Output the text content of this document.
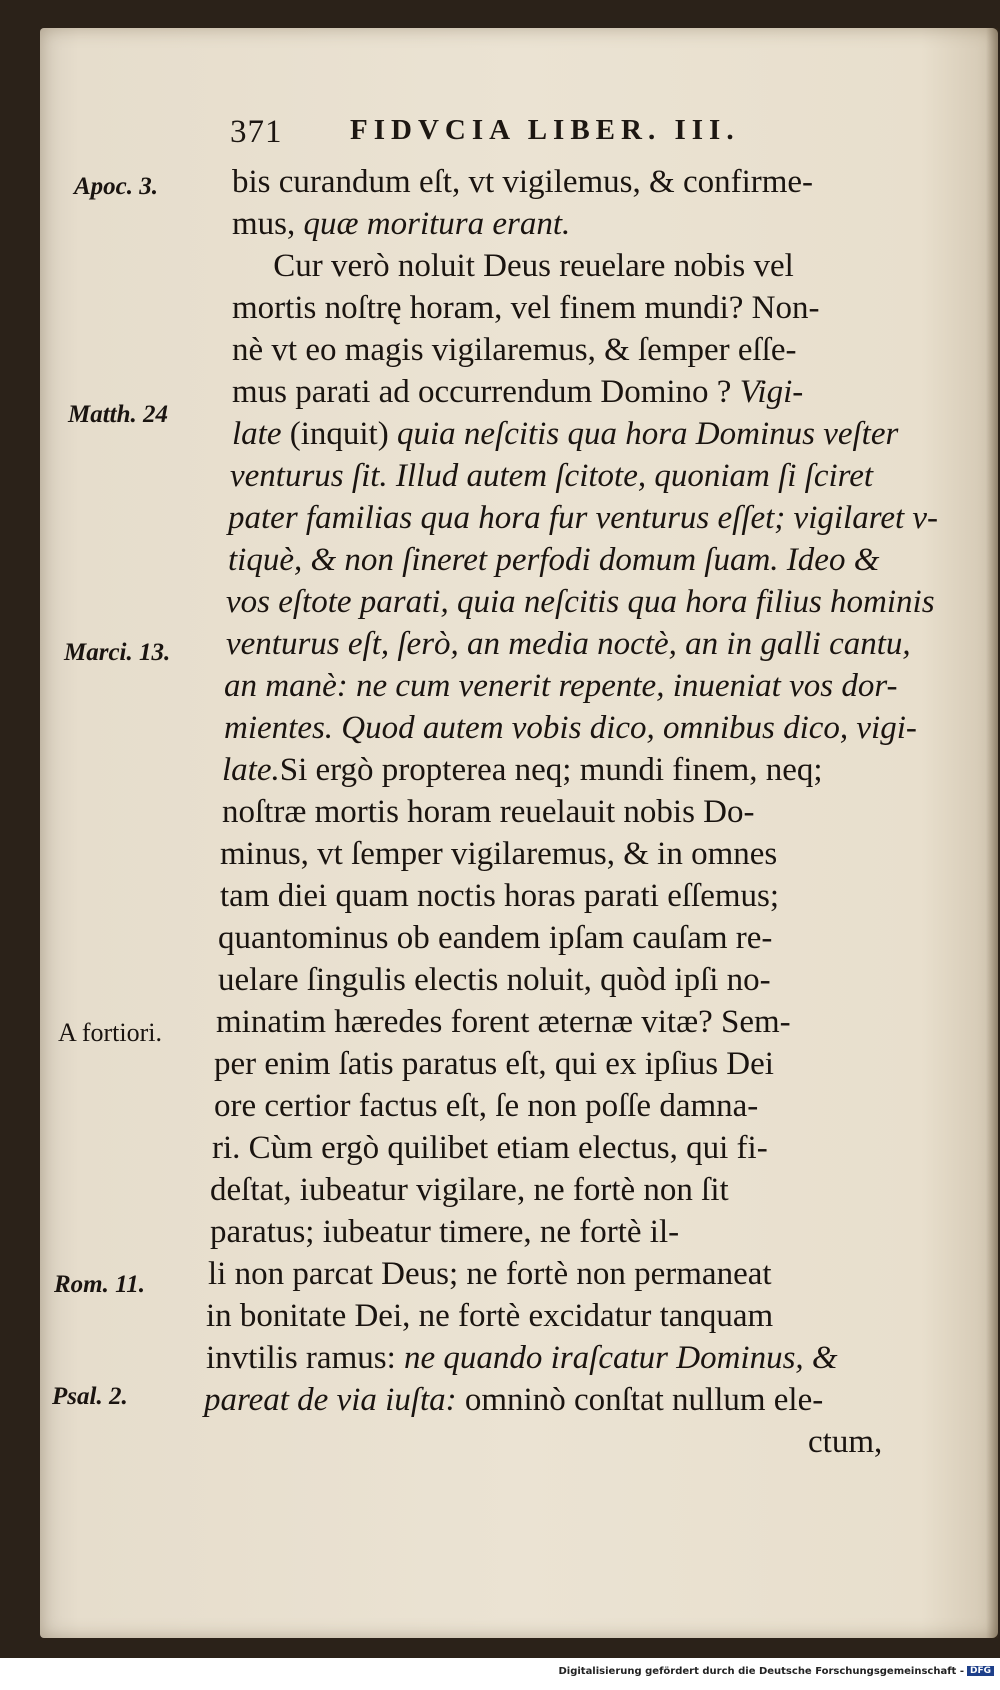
371 FIDVCIA LIBER. III.
Apoc. 3.
Matth. 24
Marci. 13.
A fortiori.
Rom. 11.
Psal. 2.
bis curandum eſt, vt vigilemus, & confirme-
mus, quæ moritura erant.
Cur verò noluit Deus reuelare nobis vel
mortis noſtrę horam, vel finem mundi? Non-
nè vt eo magis vigilaremus, & ſemper eſſe-
mus parati ad occurrendum Domino ? Vigi-
late (inquit) quia neſcitis qua hora Dominus veſter
venturus ſit. Illud autem ſcitote, quoniam ſi ſciret
pater familias qua hora fur venturus eſſet; vigilaret v-
tiquè, & non ſineret perfodi domum ſuam. Ideo &
vos eſtote parati, quia neſcitis qua hora filius hominis
venturus eſt, ſerò, an media noctè, an in galli cantu,
an manè: ne cum venerit repente, inueniat vos dor-
mientes. Quod autem vobis dico, omnibus dico, vigi-
late.Si ergò propterea neq; mundi finem, neq;
noſtræ mortis horam reuelauit nobis Do-
minus, vt ſemper vigilaremus, & in omnes
tam diei quam noctis horas parati eſſemus;
quantominus ob eandem ipſam cauſam re-
uelare ſingulis electis noluit, quòd ipſi no-
minatim hæredes forent æternæ vitæ? Sem-
per enim ſatis paratus eſt, qui ex ipſius Dei
ore certior factus eſt, ſe non poſſe damna-
ri. Cùm ergò quilibet etiam electus, qui fi-
deſtat, iubeatur vigilare, ne fortè non ſit
paratus; iubeatur timere, ne fortè il-
li non parcat Deus; ne fortè non permaneat
in bonitate Dei, ne fortè excidatur tanquam
invtilis ramus: ne quando iraſcatur Dominus, &
pareat de via iuſta: omninò conſtat nullum ele-
ctum,
Digitalisierung gefördert durch die Deutsche Forschungsgemeinschaft - DFG
